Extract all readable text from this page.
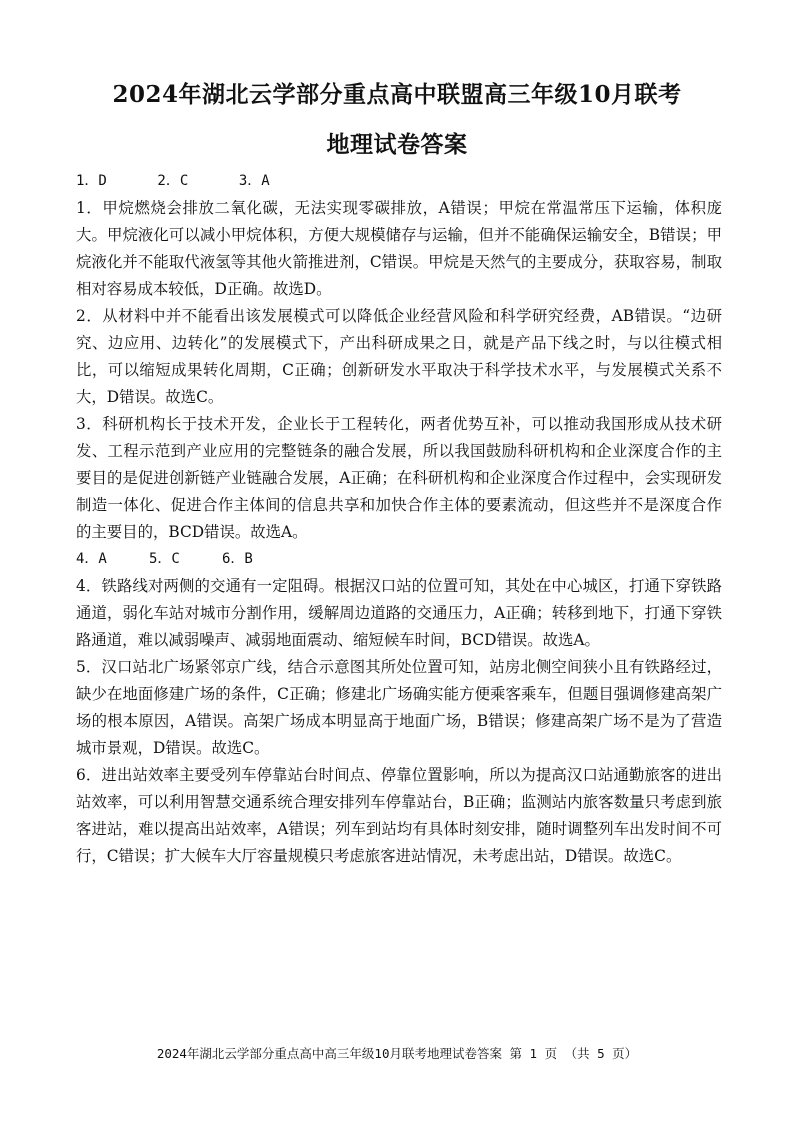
2024年湖北云学部分重点高中联盟高三年级10月联考
地理试卷答案

1．D      2．C      3．A

1．甲烷燃烧会排放二氧化碳，无法实现零碳排放，A错误；甲烷在常温常压下运输，体积庞大。甲烷液化可以减小甲烷体积，方便大规模储存与运输，但并不能确保运输安全，B错误；甲烷液化并不能取代液氢等其他火箭推进剂，C错误。甲烷是天然气的主要成分，获取容易，制取相对容易成本较低，D正确。故选D。

2．从材料中并不能看出该发展模式可以降低企业经营风险和科学研究经费，AB错误。“边研究、边应用、边转化”的发展模式下，产出科研成果之日，就是产品下线之时，与以往模式相比，可以缩短成果转化周期，C正确；创新研发水平取决于科学技术水平，与发展模式关系不大，D错误。故选C。

3．科研机构长于技术开发，企业长于工程转化，两者优势互补，可以推动我国形成从技术研发、工程示范到产业应用的完整链条的融合发展，所以我国鼓励科研机构和企业深度合作的主要目的是促进创新链产业链融合发展，A正确；在科研机构和企业深度合作过程中，会实现研发制造一体化、促进合作主体间的信息共享和加快合作主体的要素流动，但这些并不是深度合作的主要目的，BCD错误。故选A。

4．A     5．C     6．B

4．铁路线对两侧的交通有一定阻碍。根据汉口站的位置可知，其处在中心城区，打通下穿铁路通道，弱化车站对城市分割作用，缓解周边道路的交通压力，A正确；转移到地下，打通下穿铁路通道，难以减弱噪声、减弱地面震动、缩短候车时间，BCD错误。故选A。

5．汉口站北广场紧邻京广线，结合示意图其所处位置可知，站房北侧空间狭小且有铁路经过，缺少在地面修建广场的条件，C正确；修建北广场确实能方便乘客乘车，但题目强调修建高架广场的根本原因，A错误。高架广场成本明显高于地面广场，B错误；修建高架广场不是为了营造城市景观，D错误。故选C。

6．进出站效率主要受列车停靠站台时间点、停靠位置影响，所以为提高汉口站通勤旅客的进出站效率，可以利用智慧交通系统合理安排列车停靠站台，B正确；监测站内旅客数量只考虑到旅客进站，难以提高出站效率，A错误；列车到站均有具体时刻安排，随时调整列车出发时间不可行，C错误；扩大候车大厅容量规模只考虑旅客进站情况，未考虑出站，D错误。故选C。

2024年湖北云学部分重点高中高三年级10月联考地理试卷答案 第 1 页 （共 5 页）
